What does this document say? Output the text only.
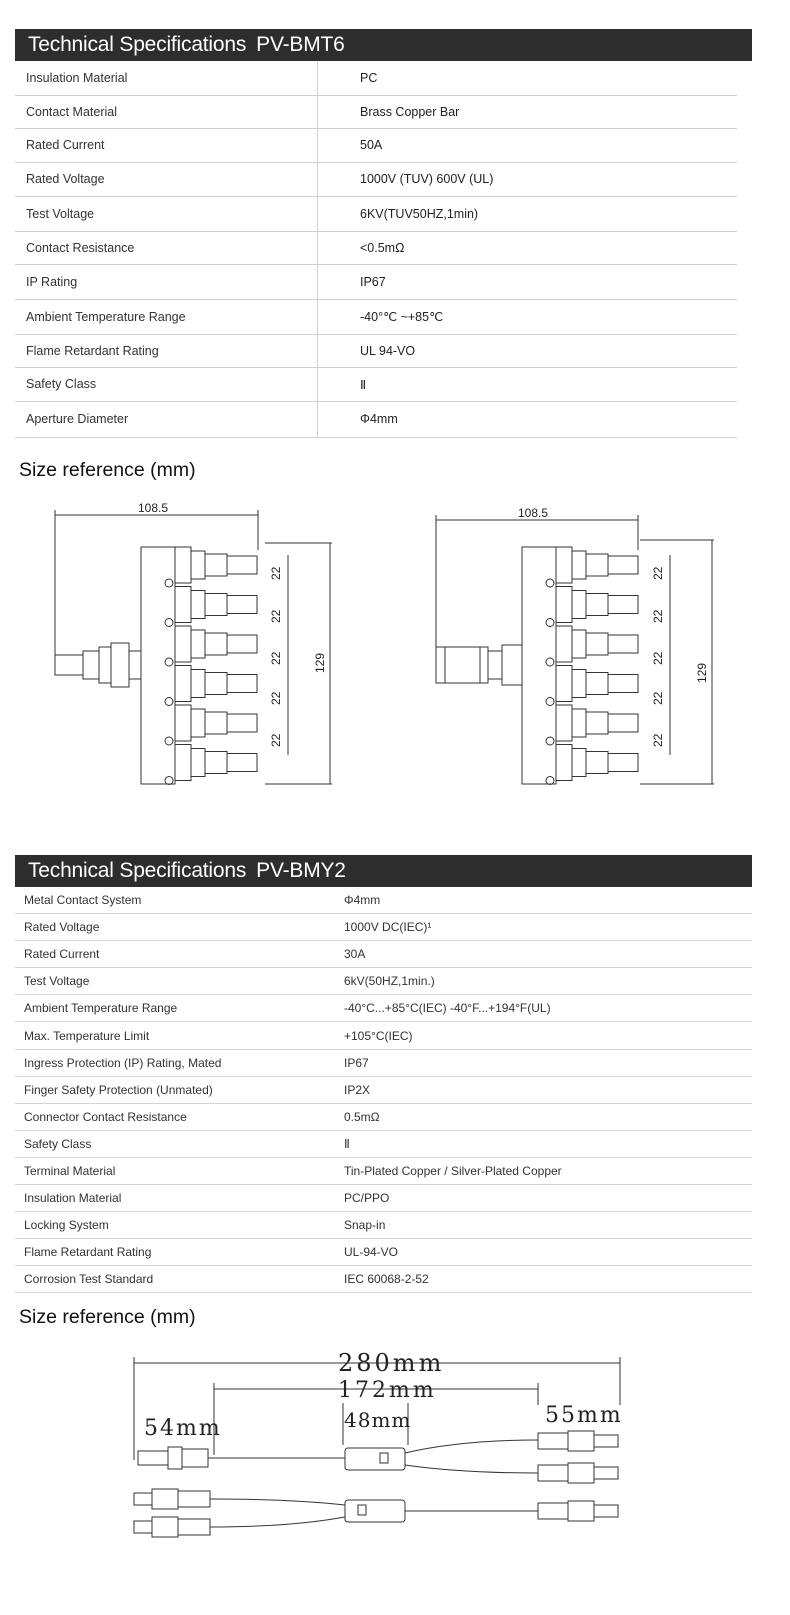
Technical Specifications PV-BMT6
Insulation Material	PC
Contact Material	Brass Copper Bar
Rated Current	50A
Rated Voltage	1000V (TUV) 600V (UL)
Test Voltage	6KV(TUV50HZ,1min)
Contact Resistance	<0.5mΩ
IP Rating	IP67
Ambient Temperature Range	-40°℃ ~+85℃
Flame Retardant Rating	UL 94-VO
Safety Class	Ⅱ
Aperture Diameter	Φ4mm
Size reference (mm)
22
22
22
22
22
22
22
22
22
22
108.5	108.5
129	129
Technical Specifications PV-BMY2
Metal Contact System	Φ4mm
Rated Voltage	1000V DC(IEC)¹
Rated Current	30A
Test Voltage	6kV(50HZ,1min.)
Ambient Temperature Range	-40°C...+85°C(IEC) -40°F...+194°F(UL)
Max. Temperature Limit	+105°C(IEC)
Ingress Protection (IP) Rating, Mated	IP67
Finger Safety Protection (Unmated)	IP2X
Connector Contact Resistance	0.5mΩ
Safety Class	Ⅱ
Terminal Material	Tin-Plated Copper / Silver-Plated Copper
Insulation Material	PC/PPO
Locking System	Snap-in
Flame Retardant Rating	UL-94-VO
Corrosion Test Standard	IEC 60068-2-52
Size reference (mm)
280mm
172mm
54mm	48mm	55mm
